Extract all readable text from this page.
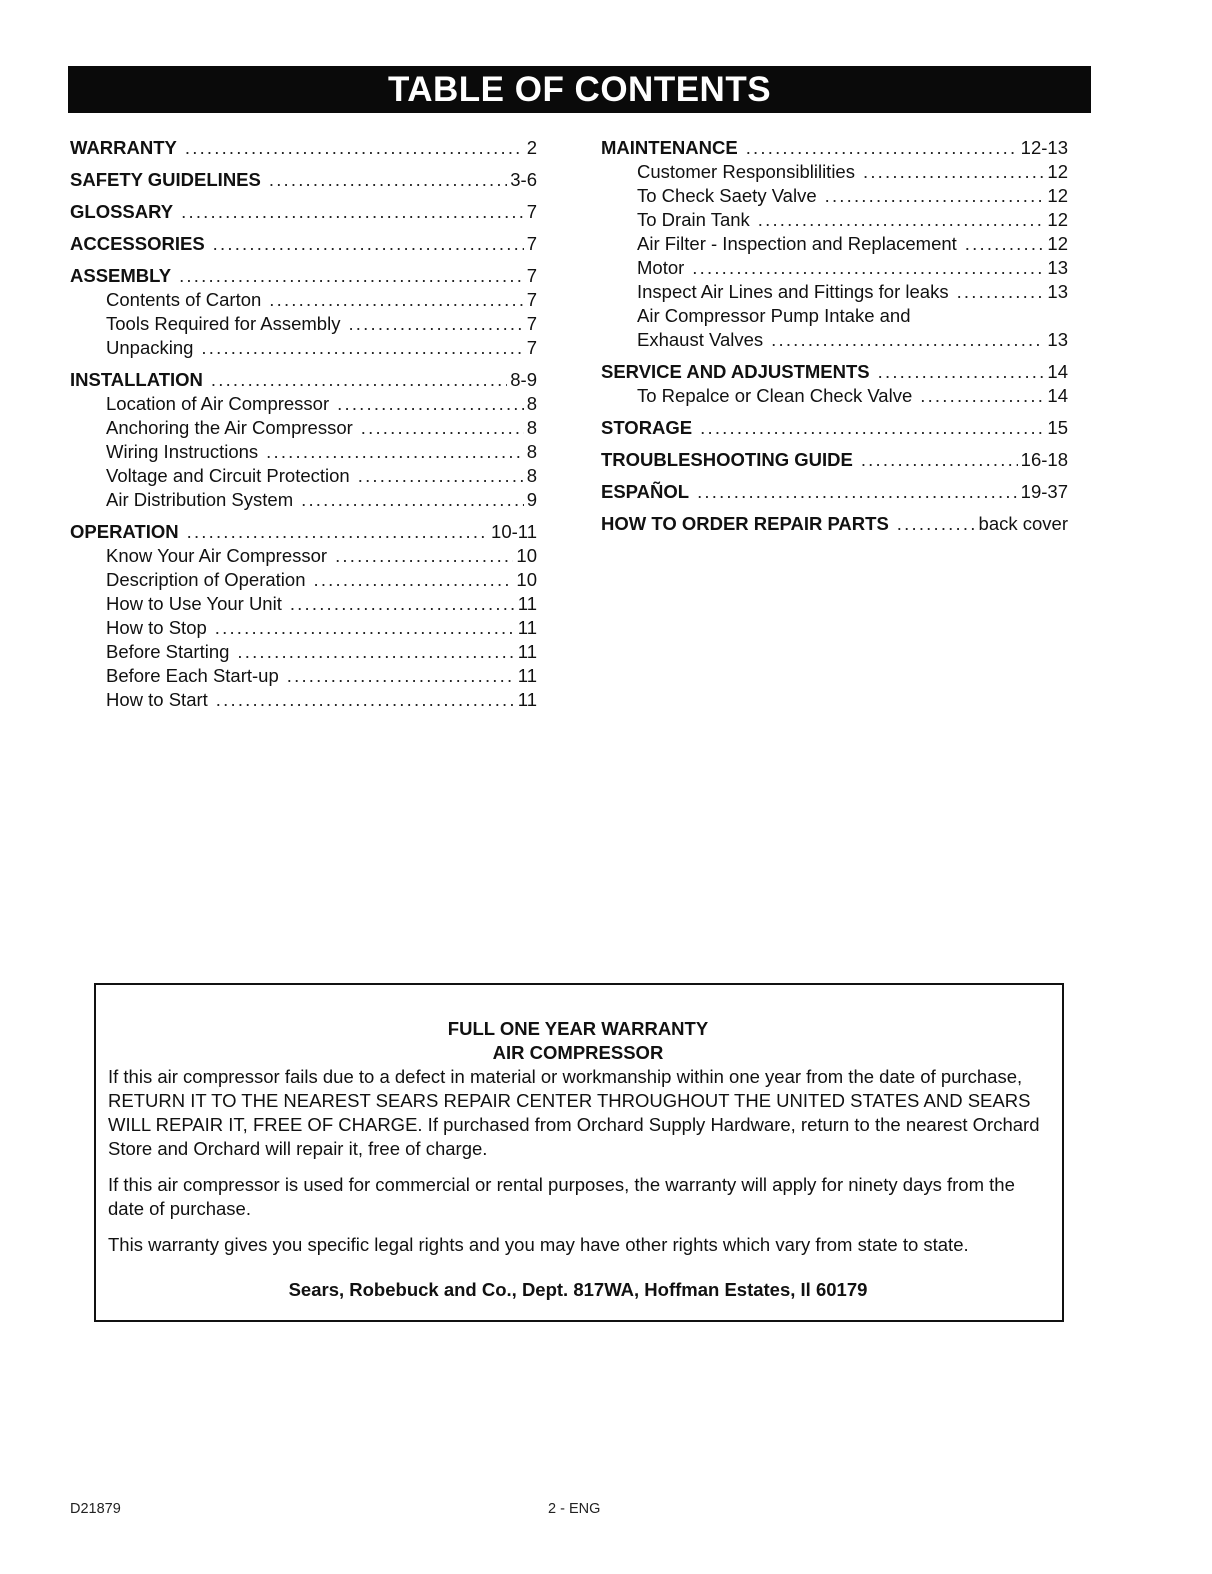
TABLE OF CONTENTS
WARRANTY .....	2
SAFETY GUIDELINES .....	3-6
GLOSSARY .....	7
ACCESSORIES .....	7
ASSEMBLY .....	7
Contents of Carton .....	7
Tools Required for Assembly .....	7
Unpacking .....	7
INSTALLATION .....	8-9
Location of Air Compressor .....	8
Anchoring the Air Compressor .....	8
Wiring Instructions .....	8
Voltage and Circuit Protection .....	8
Air Distribution System .....	9
OPERATION .....	10-11
Know Your Air Compressor .....	10
Description of Operation .....	10
How to Use Your Unit .....	11
How to Stop .....	11
Before Starting .....	11
Before Each Start-up .....	11
How to Start .....	11
MAINTENANCE .....	12-13
Customer Responsiblilities .....	12
To Check Saety Valve .....	12
To Drain Tank .....	12
Air Filter - Inspection and Replacement .....	12
Motor .....	13
Inspect Air Lines and Fittings for leaks .....	13
Air Compressor Pump Intake and
Exhaust Valves .....	13
SERVICE AND ADJUSTMENTS .....	14
To Repalce or Clean Check Valve .....	14
STORAGE .....	15
TROUBLESHOOTING GUIDE .....	16-18
ESPAÑOL .....	19-37
HOW TO ORDER REPAIR PARTS .....	back cover
FULL ONE YEAR WARRANTY
AIR COMPRESSOR

If this air compressor fails due to a defect in material or workmanship within one year from the date of purchase, RETURN IT TO THE NEAREST SEARS REPAIR CENTER THROUGHOUT THE UNITED STATES AND SEARS WILL REPAIR IT, FREE OF CHARGE. If purchased from Orchard Supply Hardware, return to the nearest Orchard Store and Orchard will repair it, free of charge.

If this air compressor is used for commercial or rental purposes, the warranty will apply for ninety days from the date of purchase.

This warranty gives you specific legal rights and you may have other rights which vary from state to state.

Sears, Robebuck and Co., Dept. 817WA, Hoffman Estates, Il 60179
D21879	2 - ENG
